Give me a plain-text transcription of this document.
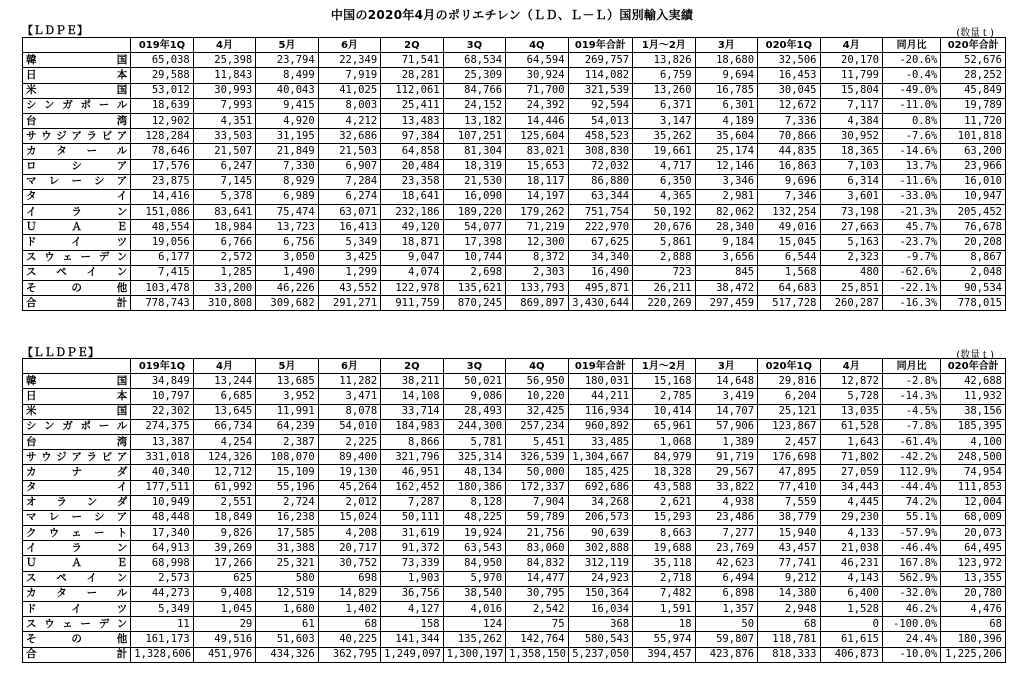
中国の2020年4月のポリエチレン（ＬＤ、Ｌ－Ｌ）国別輸入実績
【ＬＤＰＥ】	(数量ｔ)
	019年1Q	4月	5月	6月	2Q	3Q	4Q	019年合計	1月～2月	3月	020年1Q	4月	同月比	020年合計
韓　　国	65,038	25,398	23,794	22,349	71,541	68,534	64,594	269,757	13,826	18,680	32,506	20,170	-20.6%	52,676
日　　本	29,588	11,843	8,499	7,919	28,281	25,309	30,924	114,082	6,759	9,694	16,453	11,799	-0.4%	28,252
米　　国	53,012	30,993	40,043	41,025	112,061	84,766	71,700	321,539	13,260	16,785	30,045	15,804	-49.0%	45,849
シンガポール	18,639	7,993	9,415	8,003	25,411	24,152	24,392	92,594	6,371	6,301	12,672	7,117	-11.0%	19,789
台　　湾	12,902	4,351	4,920	4,212	13,483	13,182	14,446	54,013	3,147	4,189	7,336	4,384	0.8%	11,720
サウジアラビア	128,284	33,503	31,195	32,686	97,384	107,251	125,604	458,523	35,262	35,604	70,866	30,952	-7.6%	101,818
カタール	78,646	21,507	21,849	21,503	64,858	81,304	83,021	308,830	19,661	25,174	44,835	18,365	-14.6%	63,200
ロシア	17,576	6,247	7,330	6,907	20,484	18,319	15,653	72,032	4,717	12,146	16,863	7,103	13.7%	23,966
マレーシア	23,875	7,145	8,929	7,284	23,358	21,530	18,117	86,880	6,350	3,346	9,696	6,314	-11.6%	16,010
タ　　イ	14,416	5,378	6,989	6,274	18,641	16,090	14,197	63,344	4,365	2,981	7,346	3,601	-33.0%	10,947
イラン	151,086	83,641	75,474	63,071	232,186	189,220	179,262	751,754	50,192	82,062	132,254	73,198	-21.3%	205,452
ＵＡＥ	48,554	18,984	13,723	16,413	49,120	54,077	71,219	222,970	20,676	28,340	49,016	27,663	45.7%	76,678
ドイツ	19,056	6,766	6,756	5,349	18,871	17,398	12,300	67,625	5,861	9,184	15,045	5,163	-23.7%	20,208
スウェーデン	6,177	2,572	3,050	3,425	9,047	10,744	8,372	34,340	2,888	3,656	6,544	2,323	-9.7%	8,867
スペイン	7,415	1,285	1,490	1,299	4,074	2,698	2,303	16,490	723	845	1,568	480	-62.6%	2,048
そ　の　他	103,478	33,200	46,226	43,552	122,978	135,621	133,793	495,871	26,211	38,472	64,683	25,851	-22.1%	90,534
合　　計	778,743	310,808	309,682	291,271	911,759	870,245	869,897	3,430,644	220,269	297,459	517,728	260,287	-16.3%	778,015
【ＬＬＤＰＥ】	(数量ｔ)
	019年1Q	4月	5月	6月	2Q	3Q	4Q	019年合計	1月～2月	3月	020年1Q	4月	同月比	020年合計
韓　　国	34,849	13,244	13,685	11,282	38,211	50,021	56,950	180,031	15,168	14,648	29,816	12,872	-2.8%	42,688
日　　本	10,797	6,685	3,952	3,471	14,108	9,086	10,220	44,211	2,785	3,419	6,204	5,728	-14.3%	11,932
米　　国	22,302	13,645	11,991	8,078	33,714	28,493	32,425	116,934	10,414	14,707	25,121	13,035	-4.5%	38,156
シンガポール	274,375	66,734	64,239	54,010	184,983	244,300	257,234	960,892	65,961	57,906	123,867	61,528	-7.8%	185,395
台　　湾	13,387	4,254	2,387	2,225	8,866	5,781	5,451	33,485	1,068	1,389	2,457	1,643	-61.4%	4,100
サウジアラビア	331,018	124,326	108,070	89,400	321,796	325,314	326,539	1,304,667	84,979	91,719	176,698	71,802	-42.2%	248,500
カナダ	40,340	12,712	15,109	19,130	46,951	48,134	50,000	185,425	18,328	29,567	47,895	27,059	112.9%	74,954
タ　　イ	177,511	61,992	55,196	45,264	162,452	180,386	172,337	692,686	43,588	33,822	77,410	34,443	-44.4%	111,853
オランダ	10,949	2,551	2,724	2,012	7,287	8,128	7,904	34,268	2,621	4,938	7,559	4,445	74.2%	12,004
マレーシア	48,448	18,849	16,238	15,024	50,111	48,225	59,789	206,573	15,293	23,486	38,779	29,230	55.1%	68,009
クウェート	17,340	9,826	17,585	4,208	31,619	19,924	21,756	90,639	8,663	7,277	15,940	4,133	-57.9%	20,073
イラン	64,913	39,269	31,388	20,717	91,372	63,543	83,060	302,888	19,688	23,769	43,457	21,038	-46.4%	64,495
ＵＡＥ	68,998	17,266	25,321	30,752	73,339	84,950	84,832	312,119	35,118	42,623	77,741	46,231	167.8%	123,972
スペイン	2,573	625	580	698	1,903	5,970	14,477	24,923	2,718	6,494	9,212	4,143	562.9%	13,355
カタール	44,273	9,408	12,519	14,829	36,756	38,540	30,795	150,364	7,482	6,898	14,380	6,400	-32.0%	20,780
ドイツ	5,349	1,045	1,680	1,402	4,127	4,016	2,542	16,034	1,591	1,357	2,948	1,528	46.2%	4,476
スウェーデン	11	29	61	68	158	124	75	368	18	50	68	0	-100.0%	68
そ　の　他	161,173	49,516	51,603	40,225	141,344	135,262	142,764	580,543	55,974	59,807	118,781	61,615	24.4%	180,396
合　　計	1,328,606	451,976	434,326	362,795	1,249,097	1,300,197	1,358,150	5,237,050	394,457	423,876	818,333	406,873	-10.0%	1,225,206
